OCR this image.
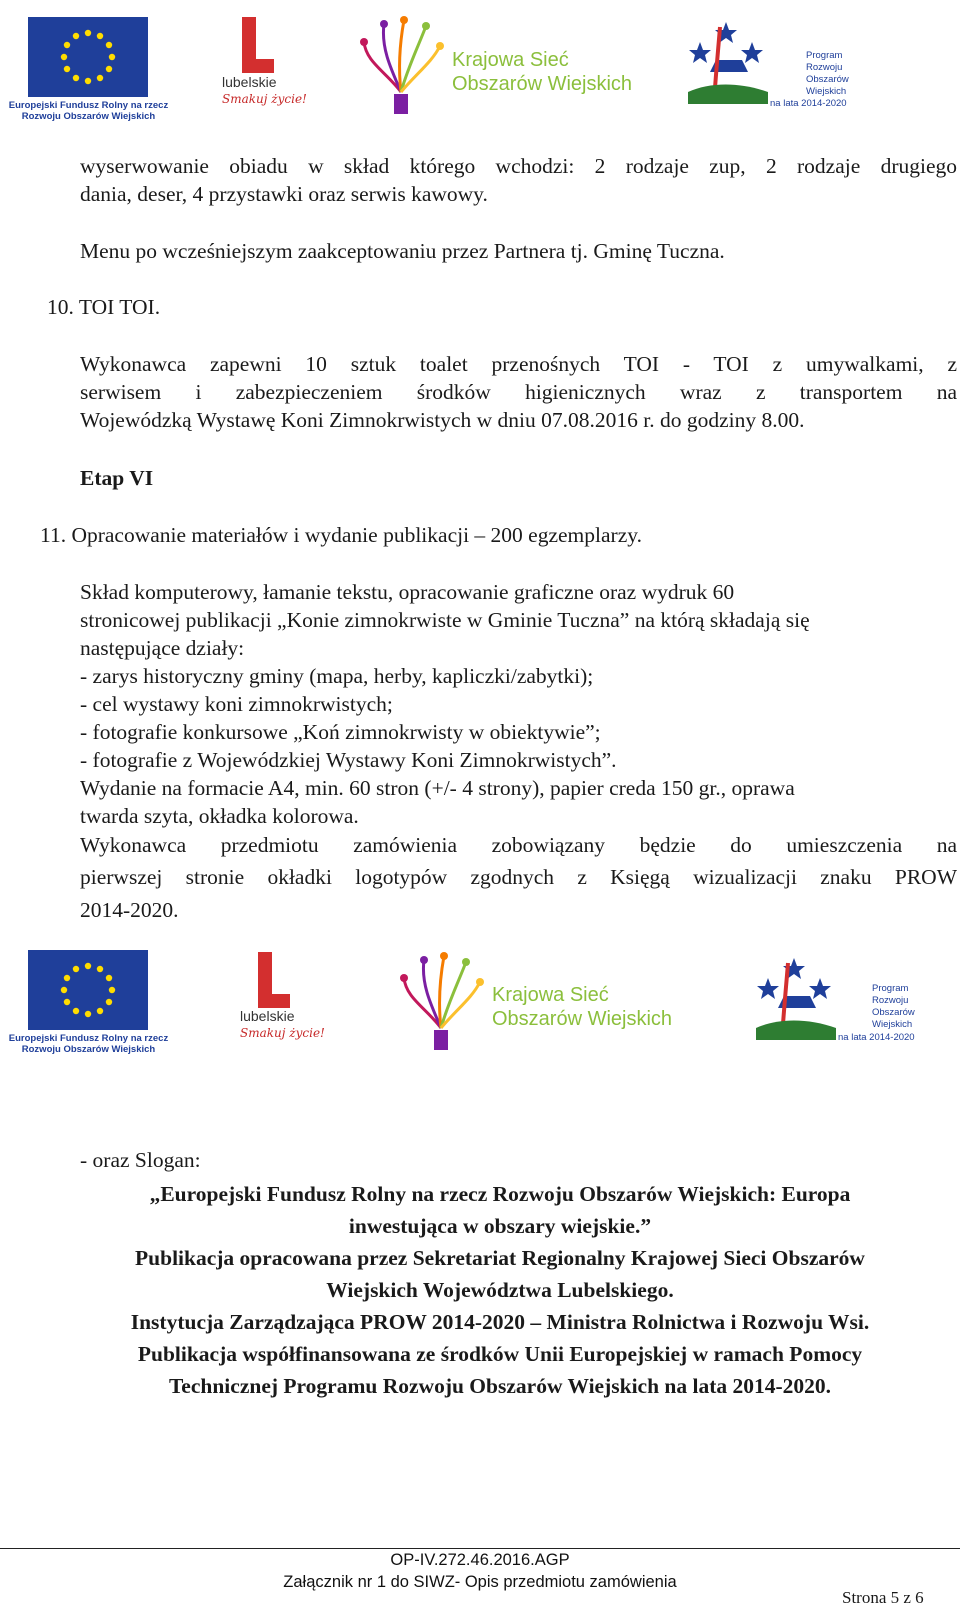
Europejski Fundusz Rolny na rzecz
Rozwoju Obszarów Wiejskich
lubelskie
Smakuj życie!
Krajowa Sieć
Obszarów Wiejskich
Program
Rozwoju
Obszarów
Wiejskich
na lata 2014-2020
wyserwowanie obiadu w skład którego wchodzi: 2 rodzaje zup, 2 rodzaje drugiego
dania, deser, 4 przystawki oraz serwis kawowy.
Menu po wcześniejszym zaakceptowaniu przez Partnera tj. Gminę Tuczna.
10. TOI TOI.
Wykonawca zapewni 10 sztuk toalet przenośnych TOI - TOI z umywalkami, z
serwisem i zabezpieczeniem środków higienicznych wraz z transportem na
Wojewódzką Wystawę Koni Zimnokrwistych w dniu 07.08.2016 r. do godziny 8.00.
Etap VI
11. Opracowanie materiałów i wydanie publikacji – 200 egzemplarzy.
Skład komputerowy, łamanie tekstu, opracowanie graficzne oraz wydruk 60
stronicowej publikacji „Konie zimnokrwiste w Gminie Tuczna” na którą składają się
następujące działy:
- zarys historyczny gminy (mapa, herby, kapliczki/zabytki);
- cel wystawy koni zimnokrwistych;
- fotografie konkursowe „Koń zimnokrwisty w obiektywie”;
- fotografie z Wojewódzkiej Wystawy Koni Zimnokrwistych”.
Wydanie na formacie A4, min. 60 stron (+/- 4 strony), papier creda 150 gr., oprawa
twarda szyta, okładka kolorowa.
Wykonawca przedmiotu zamówienia zobowiązany będzie do umieszczenia na
pierwszej stronie okładki logotypów zgodnych z Księgą wizualizacji znaku PROW
2014-2020.
Europejski Fundusz Rolny na rzecz
Rozwoju Obszarów Wiejskich
lubelskie
Smakuj życie!
Krajowa Sieć
Obszarów Wiejskich
Program
Rozwoju
Obszarów
Wiejskich
na lata 2014-2020
- oraz Slogan:
„Europejski Fundusz Rolny na rzecz Rozwoju Obszarów Wiejskich: Europa
inwestująca w obszary wiejskie.”
Publikacja opracowana przez Sekretariat Regionalny Krajowej Sieci Obszarów
Wiejskich Województwa Lubelskiego.
Instytucja Zarządzająca PROW 2014-2020 – Ministra Rolnictwa i Rozwoju Wsi.
Publikacja współfinansowana ze środków Unii Europejskiej w ramach Pomocy
Technicznej Programu Rozwoju Obszarów Wiejskich na lata 2014-2020.
OP-IV.272.46.2016.AGP
Załącznik nr 1 do SIWZ- Opis przedmiotu zamówienia
Strona 5 z 6
